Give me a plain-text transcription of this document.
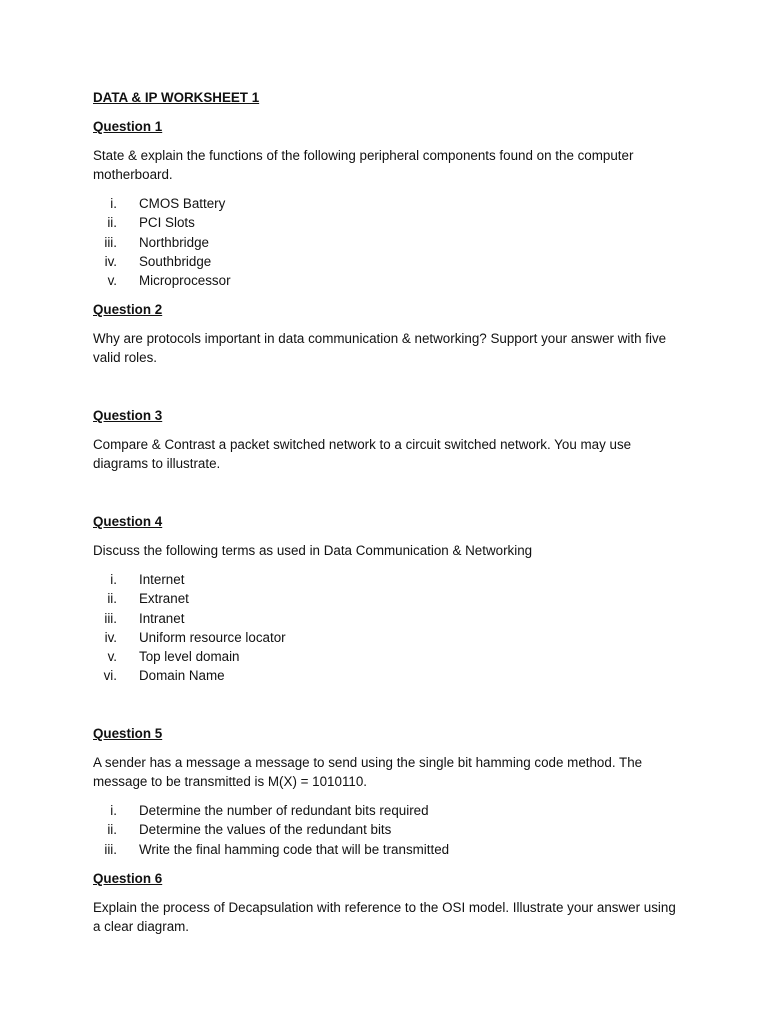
DATA & IP WORKSHEET 1

Question 1

State & explain the functions of the following peripheral components found on the computer motherboard.

i. CMOS Battery
ii. PCI Slots
iii. Northbridge
iv. Southbridge
v. Microprocessor

Question 2

Why are protocols important in data communication & networking? Support your answer with five valid roles.

Question 3

Compare & Contrast a packet switched network to a circuit switched network. You may use diagrams to illustrate.

Question 4

Discuss the following terms as used in Data Communication & Networking

i. Internet
ii. Extranet
iii. Intranet
iv. Uniform resource locator
v. Top level domain
vi. Domain Name

Question 5

A sender has a message a message to send using the single bit hamming code method. The message to be transmitted is M(X) = 1010110.

i. Determine the number of redundant bits required
ii. Determine the values of the redundant bits
iii. Write the final hamming code that will be transmitted

Question 6

Explain the process of Decapsulation with reference to the OSI model. Illustrate your answer using a clear diagram.
